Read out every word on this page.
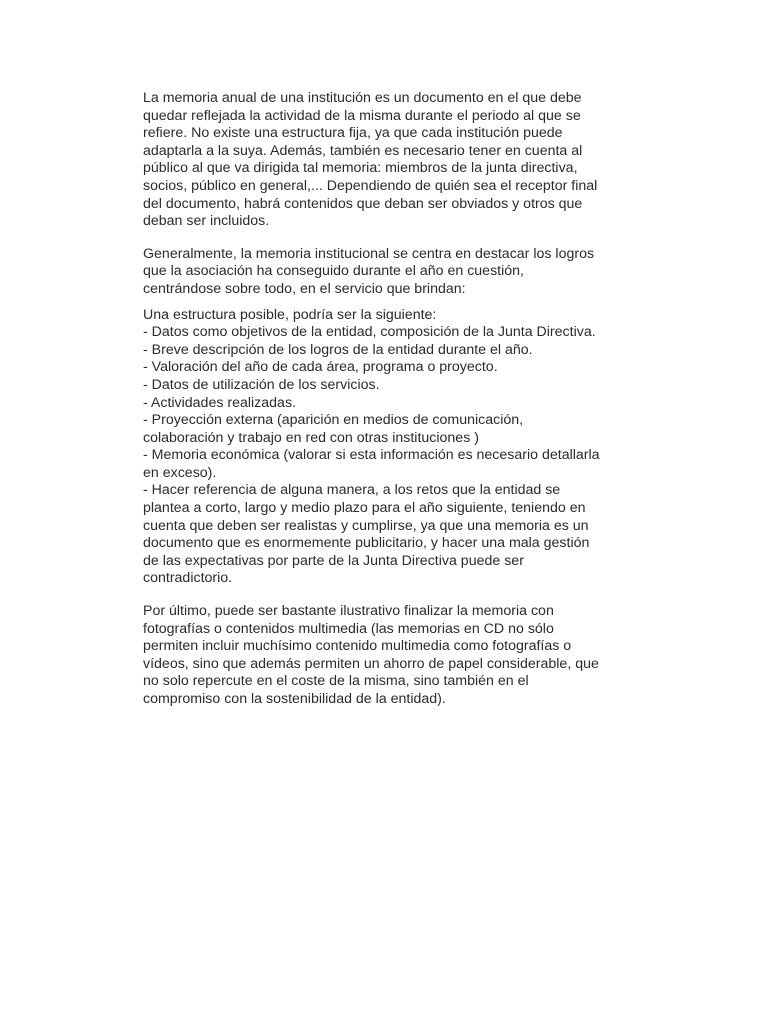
La memoria anual de una institución es un documento en el que debe
quedar reflejada la actividad de la misma durante el periodo al que se
refiere. No existe una estructura fija, ya que cada institución puede
adaptarla a la suya. Además, también es necesario tener en cuenta al
público al que va dirigida tal memoria: miembros de la junta directiva,
socios, público en general,... Dependiendo de quién sea el receptor final
del documento, habrá contenidos que deban ser obviados y otros que
deban ser incluidos.

Generalmente, la memoria institucional se centra en destacar los logros
que la asociación ha conseguido durante el año en cuestión,
centrándose sobre todo, en el servicio que brindan:

Una estructura posible, podría ser la siguiente:
- Datos como objetivos de la entidad, composición de la Junta Directiva.
- Breve descripción de los logros de la entidad durante el año.
- Valoración del año de cada área, programa o proyecto.
- Datos de utilización de los servicios.
- Actividades realizadas.
- Proyección externa (aparición en medios de comunicación,
colaboración y trabajo en red con otras instituciones )
- Memoria económica (valorar si esta información es necesario detallarla
en exceso).
- Hacer referencia de alguna manera, a los retos que la entidad se
plantea a corto, largo y medio plazo para el año siguiente, teniendo en
cuenta que deben ser realistas y cumplirse, ya que una memoria es un
documento que es enormemente publicitario, y hacer una mala gestión
de las expectativas por parte de la Junta Directiva puede ser
contradictorio.

Por último, puede ser bastante ilustrativo finalizar la memoria con
fotografías o contenidos multimedia (las memorias en CD no sólo
permiten incluir muchísimo contenido multimedia como fotografías o
vídeos, sino que además permiten un ahorro de papel considerable, que
no solo repercute en el coste de la misma, sino también en el
compromiso con la sostenibilidad de la entidad).
